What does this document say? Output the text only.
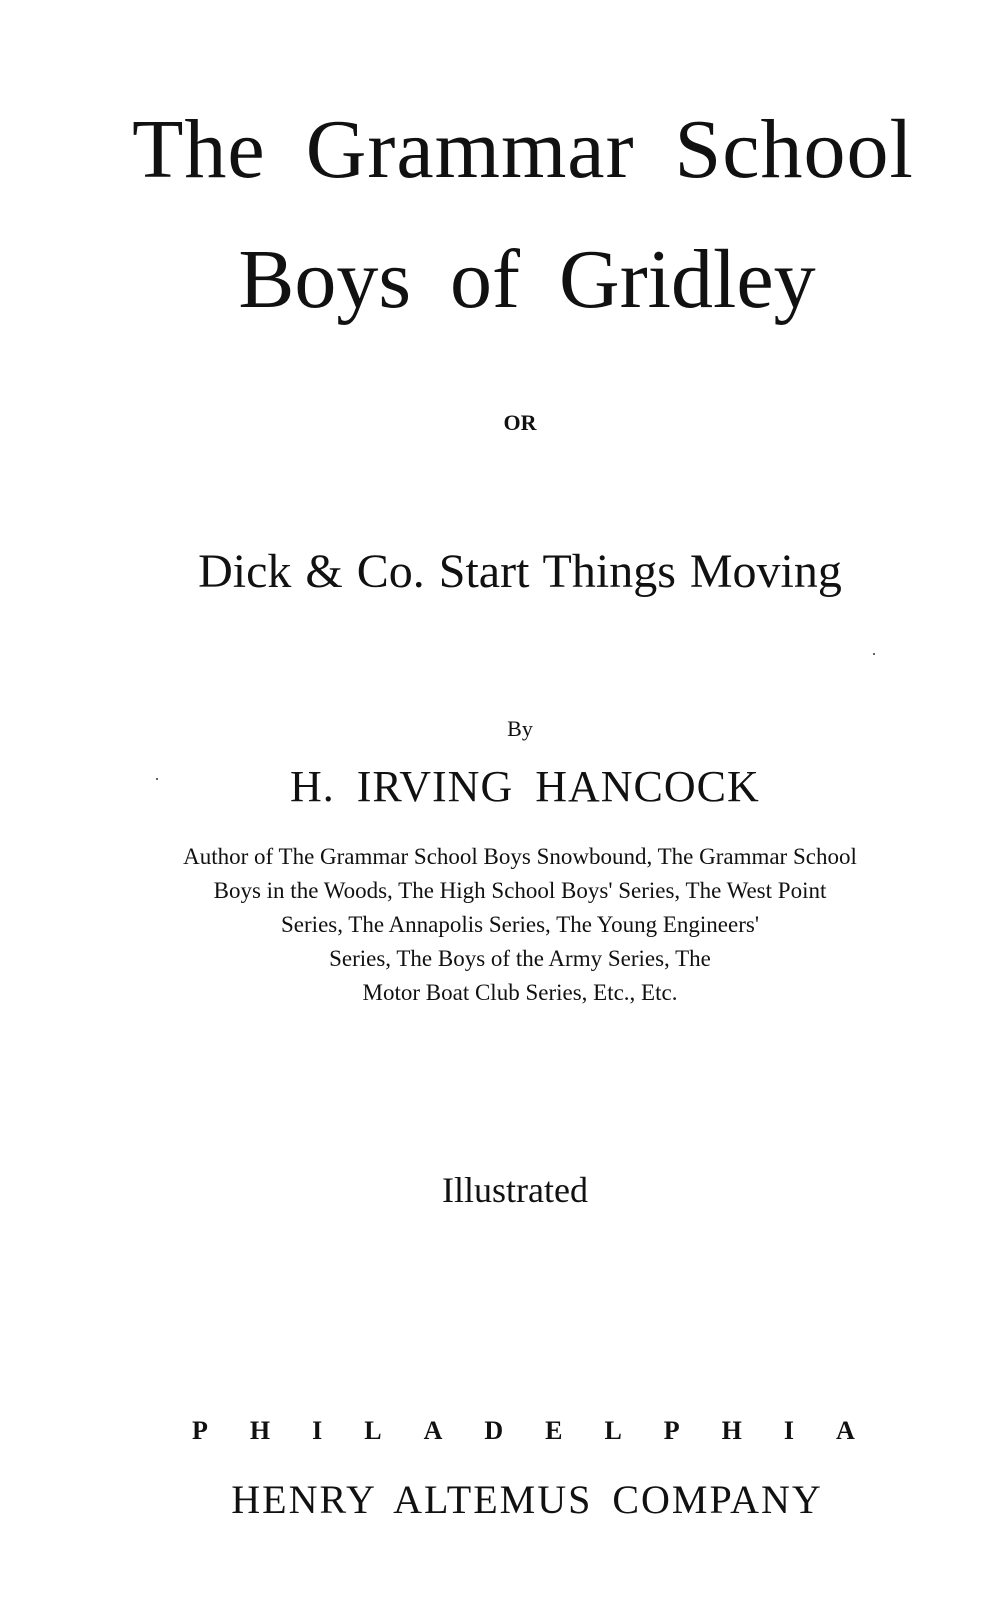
The Grammar School
Boys of Gridley
OR
Dick & Co. Start Things Moving
By
H. IRVING HANCOCK
Author of The Grammar School Boys Snowbound, The Grammar School
Boys in the Woods, The High School Boys' Series, The West Point
Series, The Annapolis Series, The Young Engineers'
Series, The Boys of the Army Series, The
Motor Boat Club Series, Etc., Etc.
Illustrated
PHILADELPHIA
HENRY ALTEMUS COMPANY
